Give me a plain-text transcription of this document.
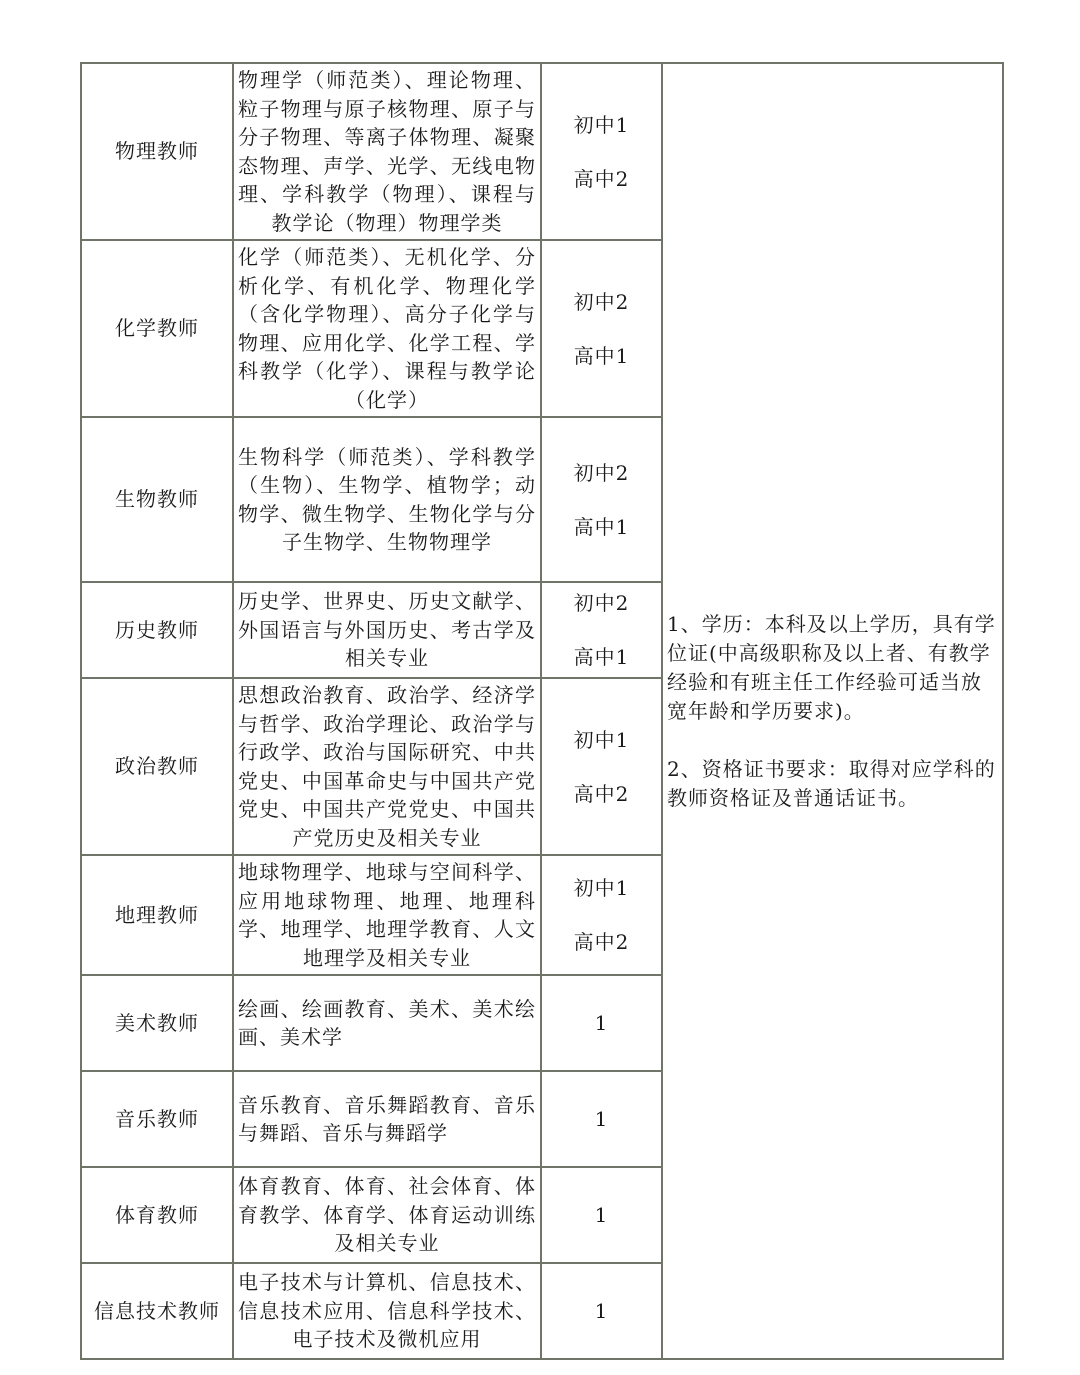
物理教师	物理学（师范类）、理论物理、粒子物理与原子核物理、原子与分子物理、等离子体物理、凝聚态物理、声学、光学、无线电物理、学科教学（物理）、课程与教学论（物理）物理学类	初中1
高中2	1、学历：本科及以上学历，具有学位证(中高级职称及以上者、有教学经验和有班主任工作经验可适当放宽年龄和学历要求)。
2、资格证书要求：取得对应学科的教师资格证及普通话证书。

化学教师	化学（师范类）、无机化学、分析化学、有机化学、物理化学（含化学物理）、高分子化学与物理、应用化学、化学工程、学科教学（化学）、课程与教学论（化学）	初中2
高中1	

生物教师	生物科学（师范类）、学科教学（生物）、生物学、植物学；动物学、微生物学、生物化学与分子生物学、生物物理学	初中2
高中1	

历史教师	历史学、世界史、历史文献学、外国语言与外国历史、考古学及相关专业	初中2
高中1	

政治教师	思想政治教育、政治学、经济学与哲学、政治学理论、政治学与行政学、政治与国际研究、中共党史、中国革命史与中国共产党党史、中国共产党党史、中国共产党历史及相关专业	初中1
高中2	

地理教师	地球物理学、地球与空间科学、应用地球物理、地理、地理科学、地理学、地理学教育、人文地理学及相关专业	初中1
高中2	

美术教师	绘画、绘画教育、美术、美术绘画、美术学	1	

音乐教师	音乐教育、音乐舞蹈教育、音乐与舞蹈、音乐与舞蹈学	1	

体育教师	体育教育、体育、社会体育、体育教学、体育学、体育运动训练及相关专业	1	

信息技术教师	电子技术与计算机、信息技术、信息技术应用、信息科学技术、电子技术及微机应用	1	
